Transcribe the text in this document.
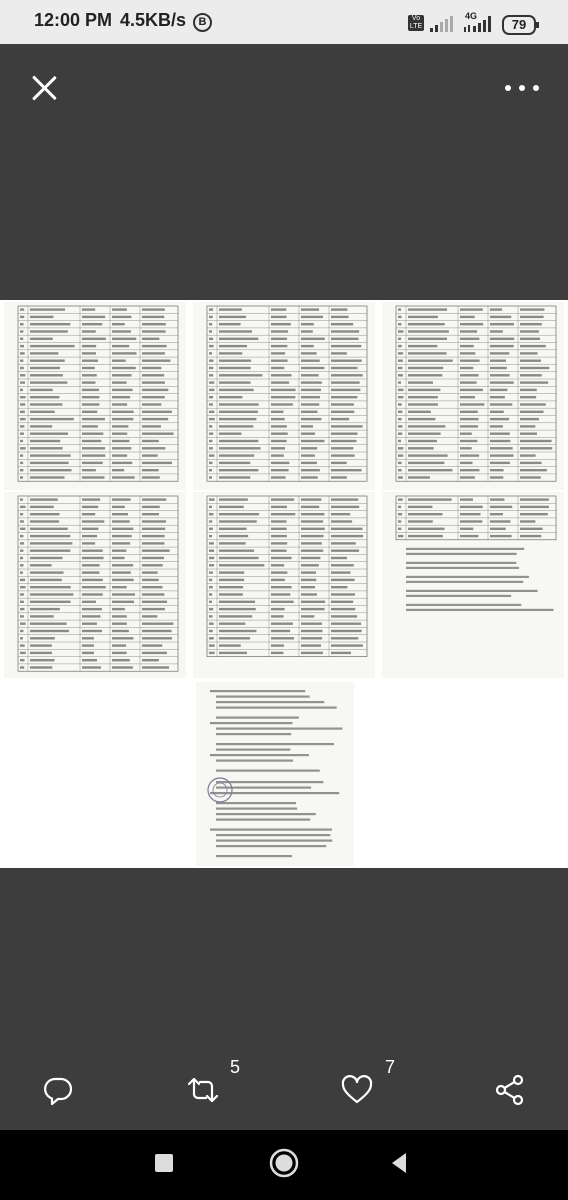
12:00 PM 4.5KB/s	B	Vo LTE
4G
79
5	7
